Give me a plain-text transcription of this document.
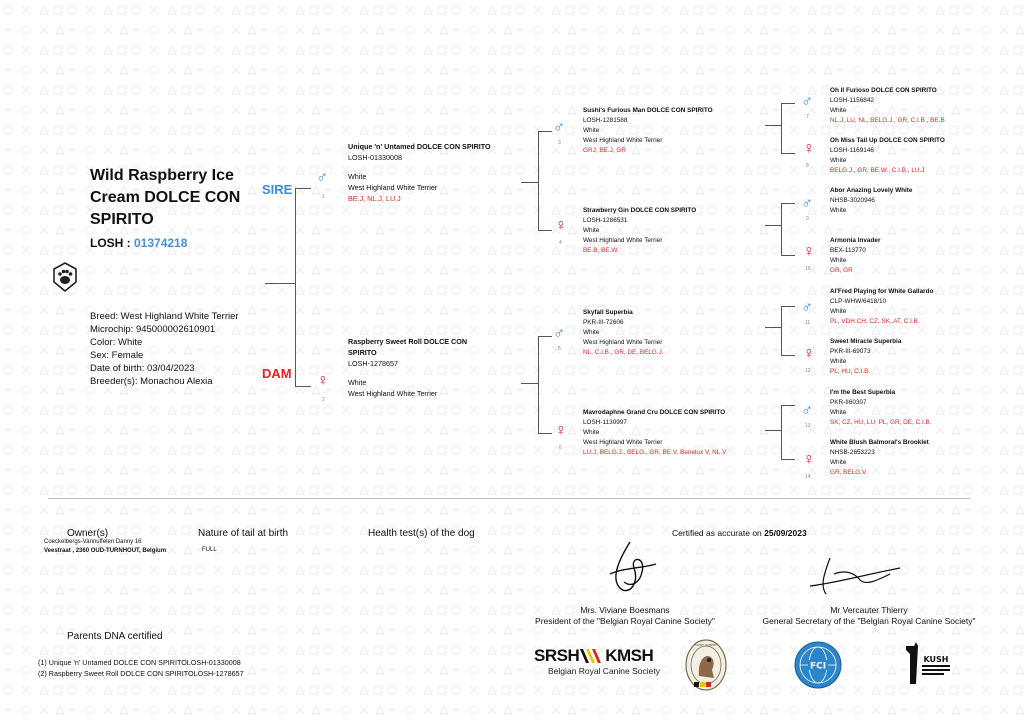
Wild Raspberry Ice Cream DOLCE CON SPIRITO
LOSH : 01374218
Breed: West Highland White Terrier
Microchip: 945000002610901
Color: White
Sex: Female
Date of birth: 03/04/2023
Breeder(s): Monachou Alexia
SIRE
DAM
♂
1
Unique 'n' Untamed DOLCE CON SPIRITO
LOSH-01330008
White
West Highland White Terrier
BE.J, NL.J, LU.J
♀
2
Raspberry Sweet Roll DOLCE CON SPIRITO
LOSH-1278657
White
West Highland White Terrier
♂
3
Sushi's Furious Man DOLCE CON SPIRITO
LOSH-1281588
White
West Highland White Terrier
GRJ, BE.J, GR
♀
4
Strawberry Gin DOLCE CON SPIRITO
LOSH-1286531
White
West Highland White Terrier
BE.B, BE.W.
♂
5
Skyfall Superbia
PKR-III-72606
White
West Highland White Terrier
NL, C.I.B., GR, DE, BELG.J.
♀
6
Mavrodaphne Grand Cru DOLCE CON SPIRITO
LOSH-1130997
White
West Highland White Terrier
LU.J, BELG.J., BELG., GR, BE.V, Benelux V, NL.V
♂
7
Oh Il Furioso DOLCE CON SPIRITO
LOSH-1156842
White
NL.J, LU, NL, BELG.J., GR, C.I.B., BE.B
♀
8
Oh Miss Tail Up DOLCE CON SPIRITO
LOSH-1169146
White
BELG.J., GR, BE.W., C.I.B., LU.J
♂
9
Abor Anazing Lovely White
NHSB-3020946
White
♀
10
Armonia Invader
BEX-113770
White
GR, GR
♂
11
Al'Fred Playing for White Gallardo
CLP-WHW/6418/10
White
PL, VDH.CH, CZ, SK, AT, C.I.B.
♀
12
Sweet Miracle Superbia
PKR-III-69073
White
PL, HU, C.I.B.
♂
13
I'm the Best Superbia
PKR-II60307
White
SK, CZ, HU, LU, PL, GR, DE, C.I.B.
♀
14
White Blush Balmoral's Brooklet
NHSB-2653223
White
GR, BELG.V.
Owner(s)
Coeckelbergs-Vannuffelen Danny 16
Veestraat , 2360 OUD-TURNHOUT, Belgium
Nature of tail at birth
FULL
Health test(s) of the dog	Certified as accurate on 25/09/2023
Mrs. Viviane Boesmans
President of the "Belgian Royal Canine Society"
Mr Vercauter Thierry
General Secretary of the "Belgian Royal Canine Society"
Parents DNA certified
(1) Unique 'n' Untamed DOLCE CON SPIRITOLOSH-01330008
(2) Raspberry Sweet Roll DOLCE CON SPIRITOLOSH-1278657
SRSH KMSH
Belgian Royal Canine Society
SAINT HUBERT
FCI
KUSH
